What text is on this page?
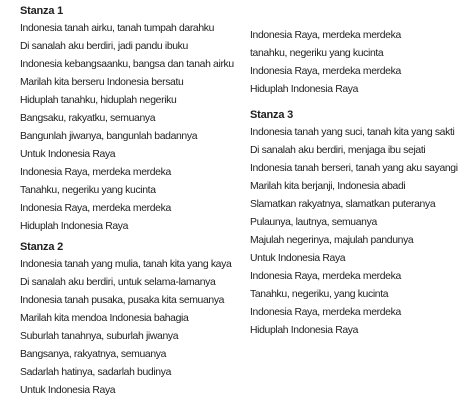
Stanza 1
Indonesia tanah airku, tanah tumpah darahku
Di sanalah aku berdiri, jadi pandu ibuku
Indonesia kebangsaanku, bangsa dan tanah airku
Marilah kita berseru Indonesia bersatu
Hiduplah tanahku, hiduplah negeriku
Bangsaku, rakyatku, semuanya
Bangunlah jiwanya, bangunlah badannya
Untuk Indonesia Raya
Indonesia Raya, merdeka merdeka
Tanahku, negeriku yang kucinta
Indonesia Raya, merdeka merdeka
Hiduplah Indonesia Raya
Stanza 2
Indonesia tanah yang mulia, tanah kita yang kaya
Di sanalah aku berdiri, untuk selama-lamanya
Indonesia tanah pusaka, pusaka kita semuanya
Marilah kita mendoa Indonesia bahagia
Suburlah tanahnya, suburlah jiwanya
Bangsanya, rakyatnya, semuanya
Sadarlah hatinya, sadarlah budinya
Untuk Indonesia Raya
Indonesia Raya, merdeka merdeka
tanahku, negeriku yang kucinta
Indonesia Raya, merdeka merdeka
Hiduplah Indonesia Raya
Stanza 3
Indonesia tanah yang suci, tanah kita yang sakti
Di sanalah aku berdiri, menjaga ibu sejati
Indonesia tanah berseri, tanah yang aku sayangi
Marilah kita berjanji, Indonesia abadi
Slamatkan rakyatnya, slamatkan puteranya
Pulaunya, lautnya, semuanya
Majulah negerinya, majulah pandunya
Untuk Indonesia Raya
Indonesia Raya, merdeka merdeka
Tanahku, negeriku, yang kucinta
Indonesia Raya, merdeka merdeka
Hiduplah Indonesia Raya
